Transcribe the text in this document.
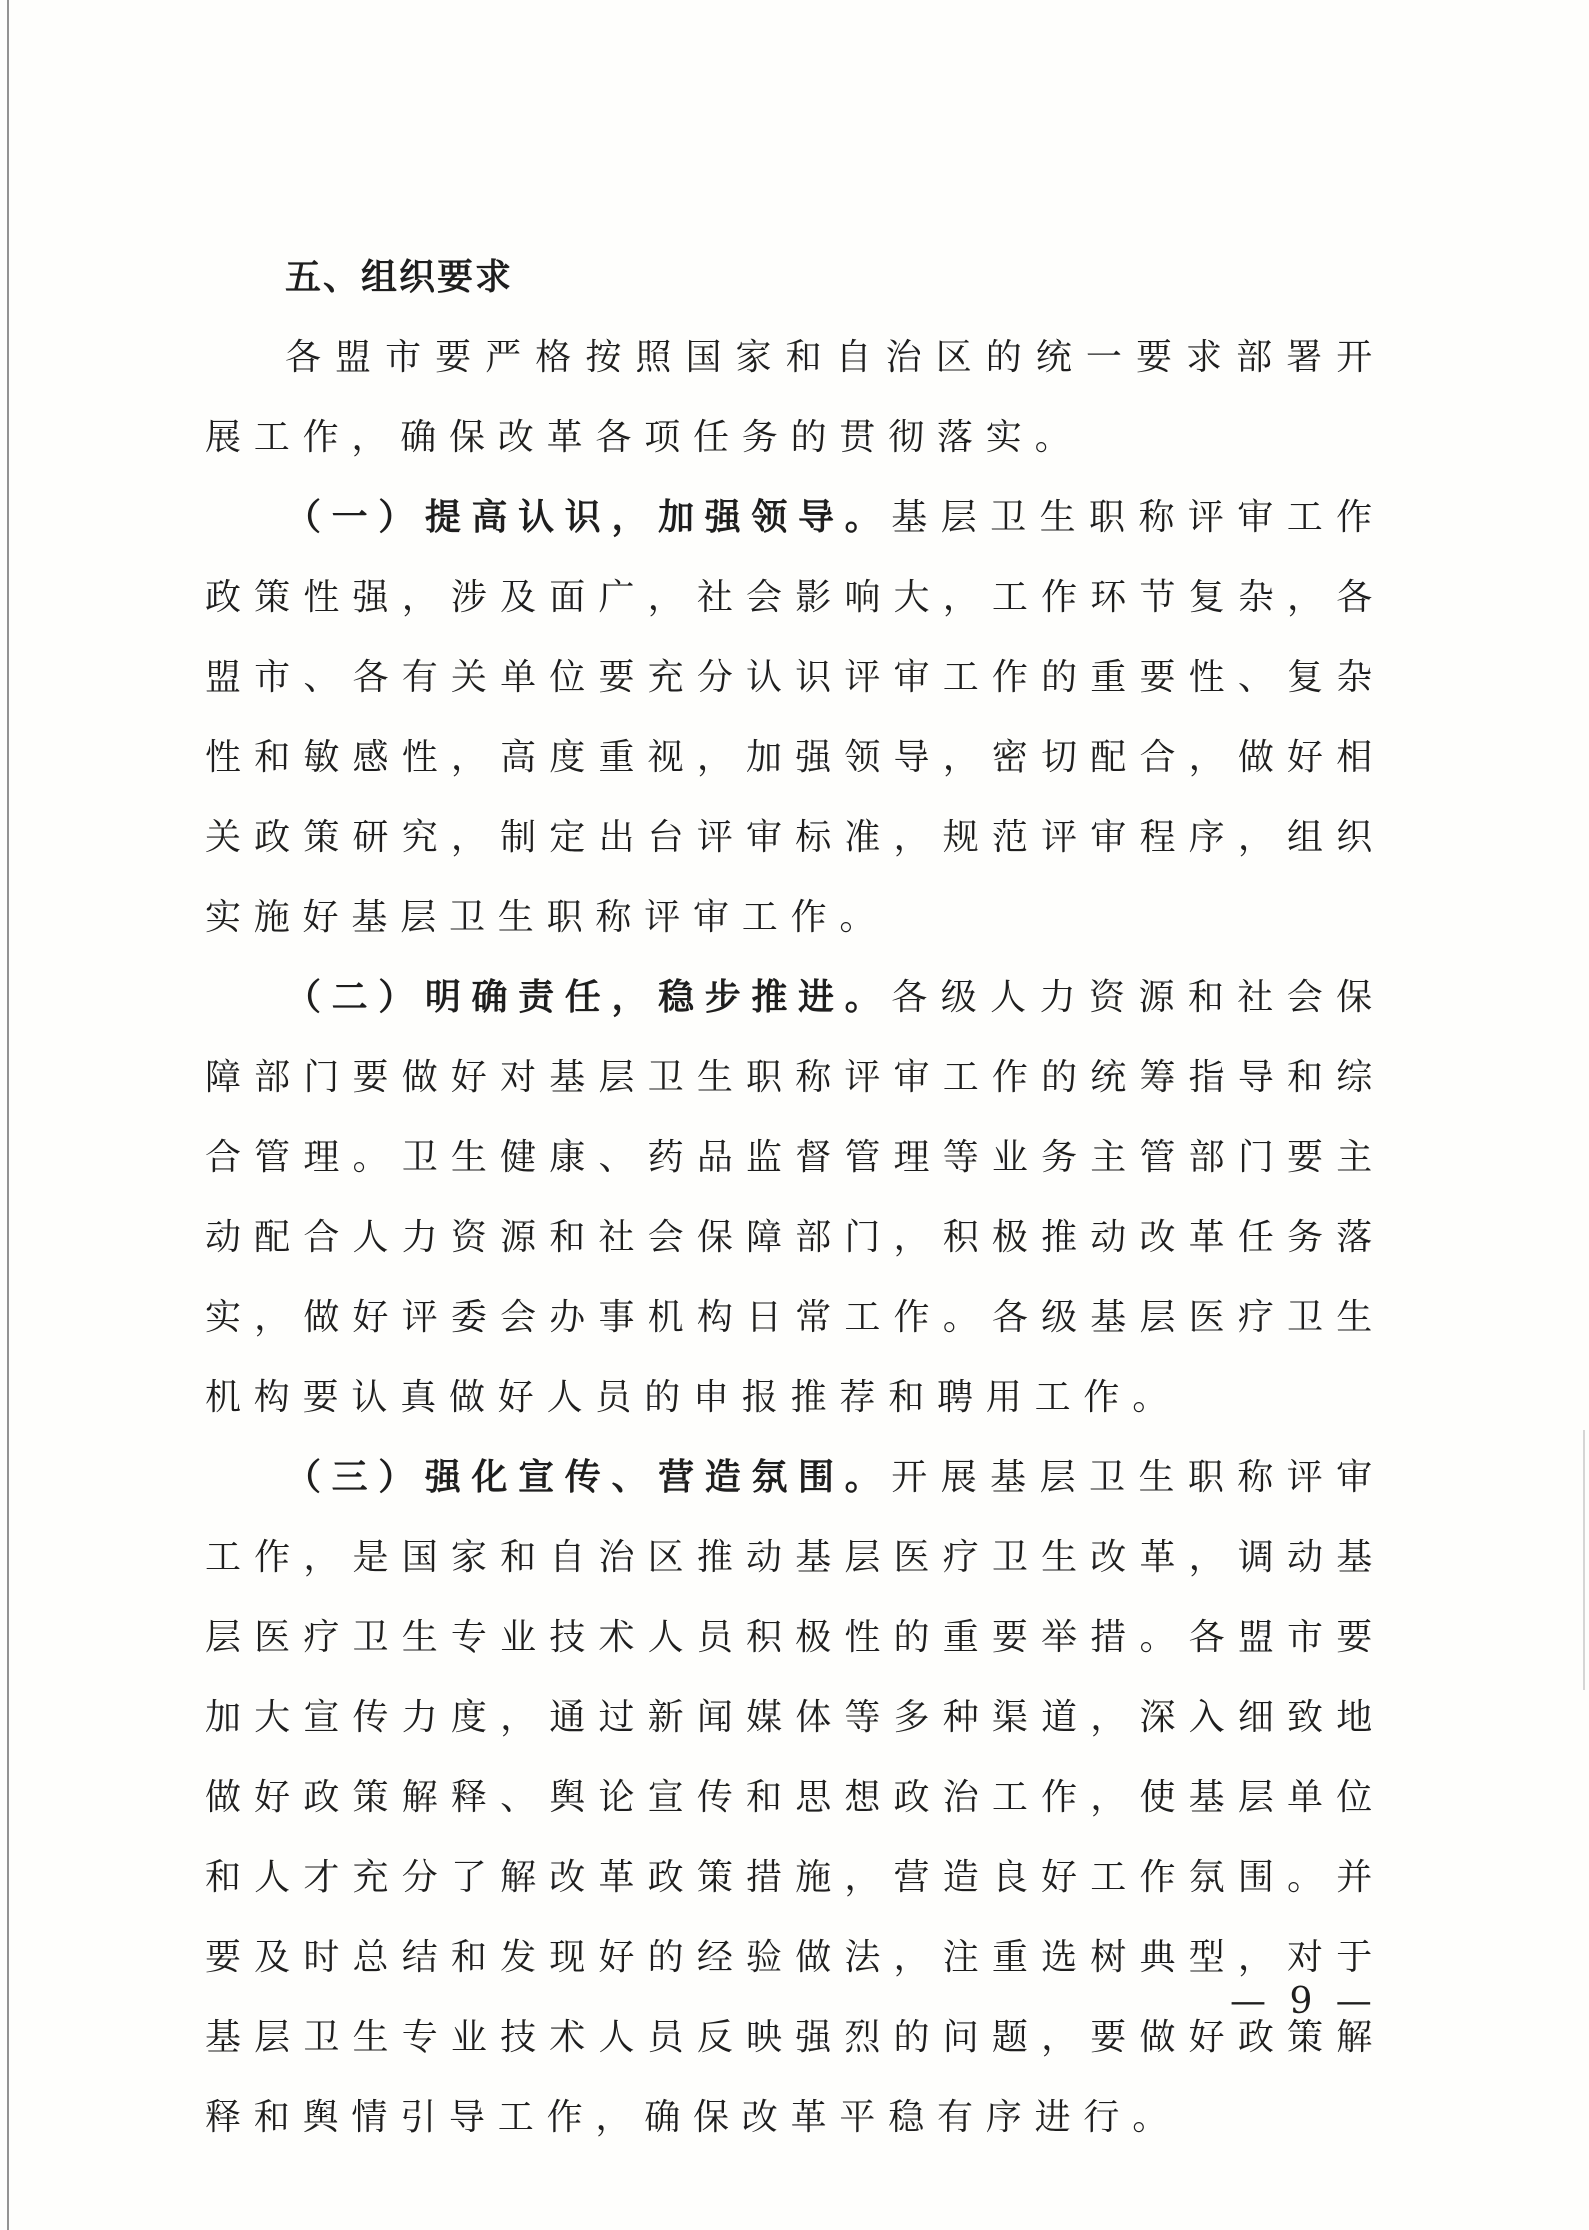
五、组织要求

各盟市要严格按照国家和自治区的统一要求部署开展工作，确保改革各项任务的贯彻落实。

（一）提高认识，加强领导。基层卫生职称评审工作政策性强，涉及面广，社会影响大，工作环节复杂，各盟市、各有关单位要充分认识评审工作的重要性、复杂性和敏感性，高度重视，加强领导，密切配合，做好相关政策研究，制定出台评审标准，规范评审程序，组织实施好基层卫生职称评审工作。

（二）明确责任，稳步推进。各级人力资源和社会保障部门要做好对基层卫生职称评审工作的统筹指导和综合管理。卫生健康、药品监督管理等业务主管部门要主动配合人力资源和社会保障部门，积极推动改革任务落实，做好评委会办事机构日常工作。各级基层医疗卫生机构要认真做好人员的申报推荐和聘用工作。

（三）强化宣传、营造氛围。开展基层卫生职称评审工作，是国家和自治区推动基层医疗卫生改革，调动基层医疗卫生专业技术人员积极性的重要举措。各盟市要加大宣传力度，通过新闻媒体等多种渠道，深入细致地做好政策解释、舆论宣传和思想政治工作，使基层单位和人才充分了解改革政策措施，营造良好工作氛围。并要及时总结和发现好的经验做法，注重选树典型，对于基层卫生专业技术人员反映强烈的问题，要做好政策解释和舆情引导工作，确保改革平稳有序进行。

— 9 —
